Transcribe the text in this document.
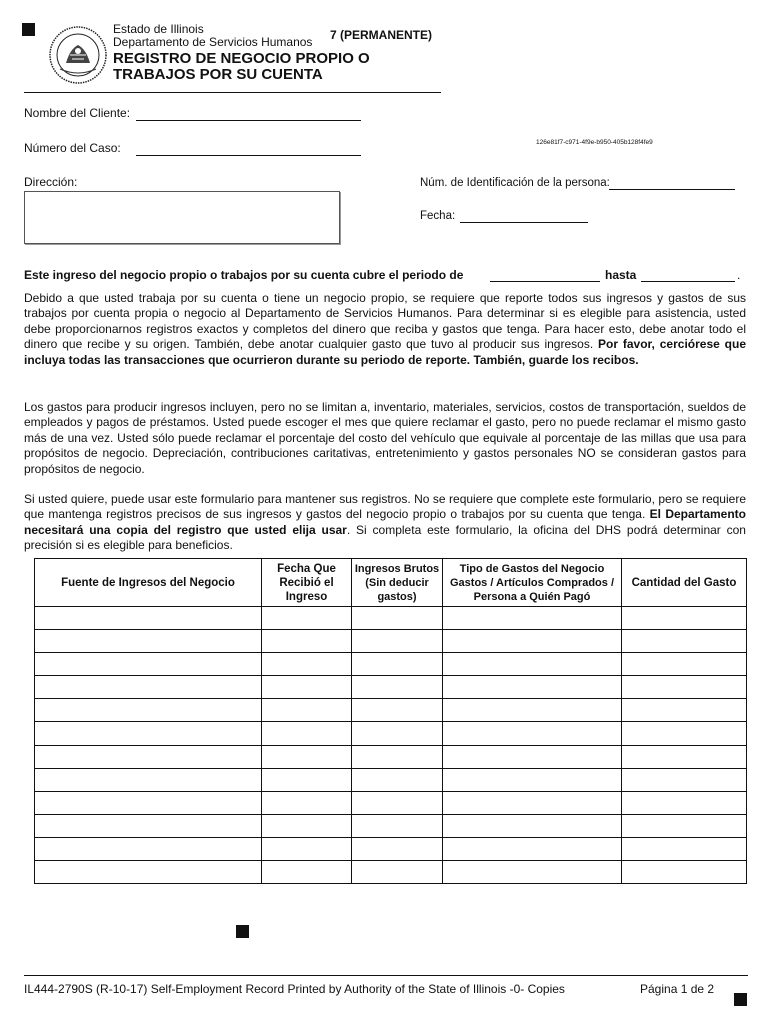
Estado de Illinois
Departamento de Servicios Humanos 7 (PERMANENTE)
REGISTRO DE NEGOCIO PROPIO O
TRABAJOS POR SU CUENTA
Nombre del Cliente:
Número del Caso:	126e81f7-c971-4f9e-b950-405b128f4fe9
Dirección:	Núm. de Identificación de la persona:
Fecha:
Este ingreso del negocio propio o trabajos por su cuenta cubre el periodo de	hasta	.
Debido a que usted trabaja por su cuenta o tiene un negocio propio, se requiere que reporte todos sus ingresos y gastos de sus trabajos por cuenta propia o negocio al Departamento de Servicios Humanos. Para determinar si es elegible para asistencia, usted debe proporcionarnos registros exactos y completos del dinero que reciba y gastos que tenga. Para hacer esto, debe anotar todo el dinero que recibe y su origen. También, debe anotar cualquier gasto que tuvo al producir sus ingresos. Por favor, cerciórese que incluya todas las transacciones que ocurrieron durante su periodo de reporte. También, guarde los recibos.
Los gastos para producir ingresos incluyen, pero no se limitan a, inventario, materiales, servicios, costos de transportación, sueldos de empleados y pagos de préstamos. Usted puede escoger el mes que quiere reclamar el gasto, pero no puede reclamar el mismo gasto más de una vez. Usted sólo puede reclamar el porcentaje del costo del vehículo que equivale al porcentaje de las millas que usa para propósitos de negocio. Depreciación, contribuciones caritativas, entretenimiento y gastos personales NO se consideran gastos para propósitos de negocio.
Si usted quiere, puede usar este formulario para mantener sus registros. No se requiere que complete este formulario, pero se requiere que mantenga registros precisos de sus ingresos y gastos del negocio propio o trabajos por su cuenta que tenga. El Departamento necesitará una copia del registro que usted elija usar. Si completa este formulario, la oficina del DHS podrá determinar con precisión si es elegible para beneficios.
Fuente de Ingresos del Negocio	Fecha Que Recibió el Ingreso	Ingresos Brutos (Sin deducir gastos)	Tipo de Gastos del Negocio Gastos / Artículos Comprados / Persona a Quién Pagó	Cantidad del Gasto

IL444-2790S (R-10-17) Self-Employment Record Printed by Authority of the State of Illinois -0- Copies	Página 1 de 2
